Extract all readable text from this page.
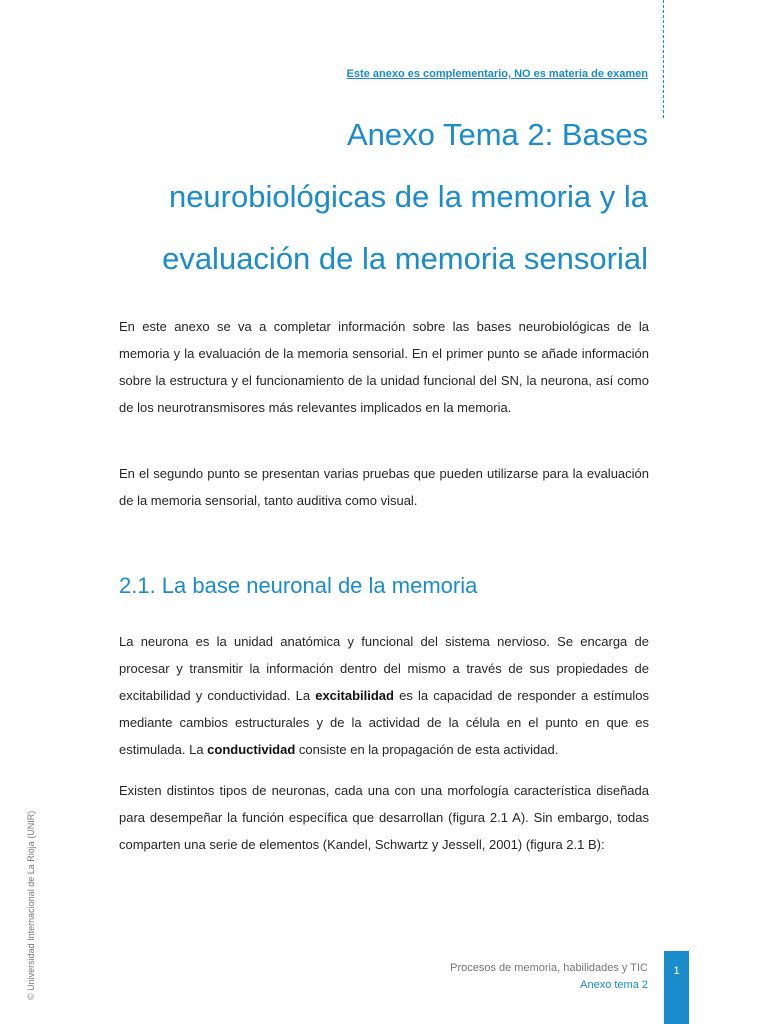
Este anexo es complementario, NO es materia de examen
Anexo Tema 2: Bases
neurobiológicas de la memoria y la
evaluación de la memoria sensorial

En este anexo se va a completar información sobre las bases neurobiológicas de la memoria y la evaluación de la memoria sensorial. En el primer punto se añade información sobre la estructura y el funcionamiento de la unidad funcional del SN, la neurona, así como de los neurotransmisores más relevantes implicados en la memoria.

En el segundo punto se presentan varias pruebas que pueden utilizarse para la evaluación de la memoria sensorial, tanto auditiva como visual.

2.1. La base neuronal de la memoria

La neurona es la unidad anatómica y funcional del sistema nervioso. Se encarga de procesar y transmitir la información dentro del mismo a través de sus propiedades de excitabilidad y conductividad. La excitabilidad es la capacidad de responder a estímulos mediante cambios estructurales y de la actividad de la célula en el punto en que es estimulada. La conductividad consiste en la propagación de esta actividad.

Existen distintos tipos de neuronas, cada una con una morfología característica diseñada para desempeñar la función específica que desarrollan (figura 2.1 A). Sin embargo, todas comparten una serie de elementos (Kandel, Schwartz y Jessell, 2001) (figura 2.1 B):

Procesos de memoria, habilidades y TIC
Anexo tema 2
1
© Universidad Internacional de La Rioja (UNIR)
